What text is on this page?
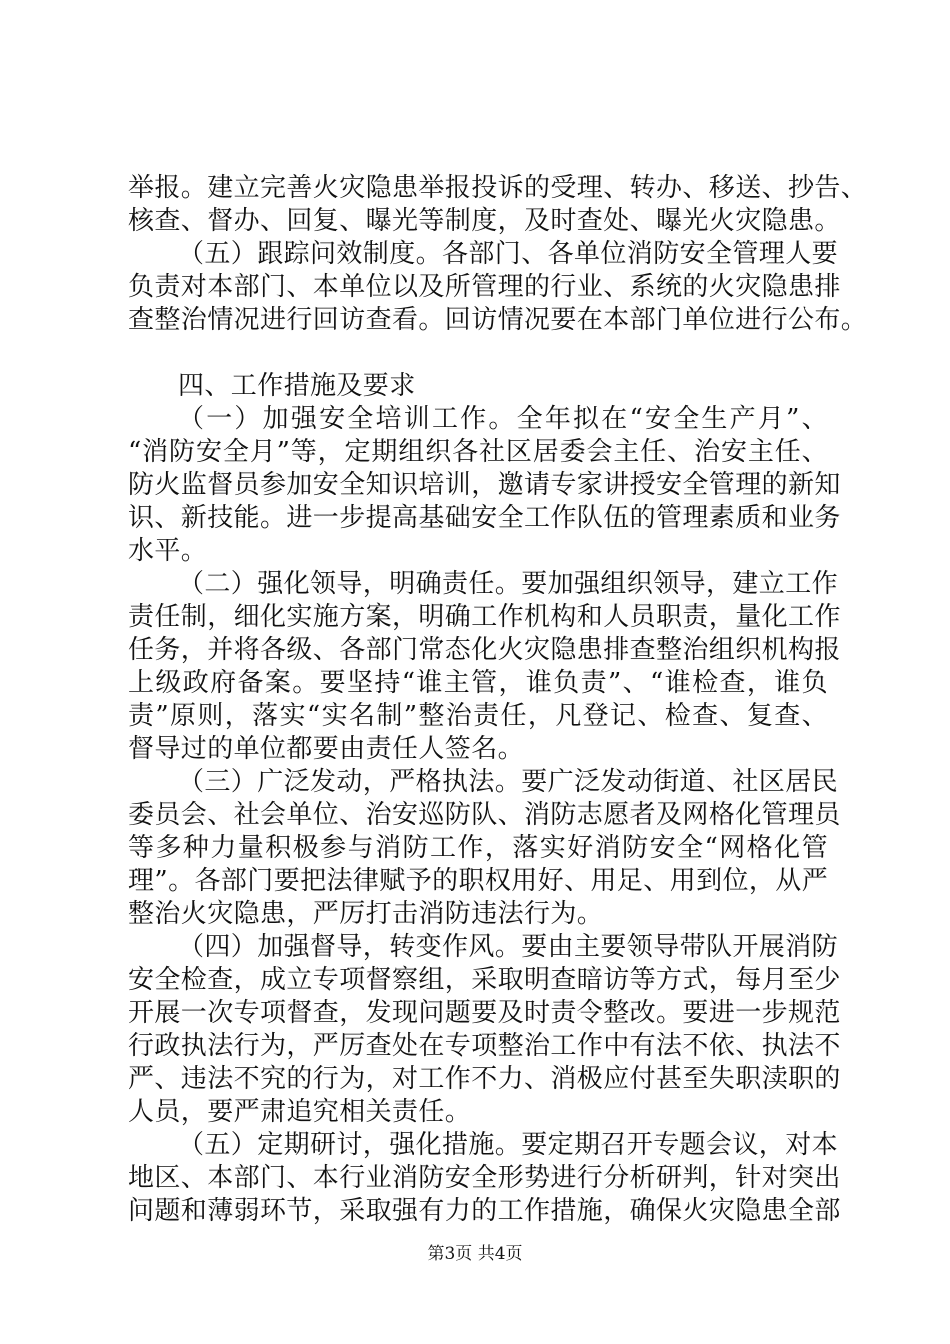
举报。建立完善火灾隐患举报投诉的受理、转办、移送、抄告、
核查、督办、回复、曝光等制度，及时查处、曝光火灾隐患。
（五）跟踪问效制度。各部门、各单位消防安全管理人要
负责对本部门、本单位以及所管理的行业、系统的火灾隐患排
查整治情况进行回访查看。回访情况要在本部门单位进行公布。
四、工作措施及要求
（一）加强安全培训工作。全年拟在“安全生产月”、
“消防安全月”等，定期组织各社区居委会主任、治安主任、
防火监督员参加安全知识培训，邀请专家讲授安全管理的新知
识、新技能。进一步提高基础安全工作队伍的管理素质和业务
水平。
（二）强化领导，明确责任。要加强组织领导，建立工作
责任制，细化实施方案，明确工作机构和人员职责，量化工作
任务，并将各级、各部门常态化火灾隐患排查整治组织机构报
上级政府备案。要坚持“谁主管，谁负责”、“谁检查，谁负
责”原则，落实“实名制”整治责任，凡登记、检查、复查、
督导过的单位都要由责任人签名。
（三）广泛发动，严格执法。要广泛发动街道、社区居民
委员会、社会单位、治安巡防队、消防志愿者及网格化管理员
等多种力量积极参与消防工作，落实好消防安全“网格化管
理”。各部门要把法律赋予的职权用好、用足、用到位，从严
整治火灾隐患，严厉打击消防违法行为。
（四）加强督导，转变作风。要由主要领导带队开展消防
安全检查，成立专项督察组，采取明查暗访等方式，每月至少
开展一次专项督查，发现问题要及时责令整改。要进一步规范
行政执法行为，严厉查处在专项整治工作中有法不依、执法不
严、违法不究的行为，对工作不力、消极应付甚至失职渎职的
人员，要严肃追究相关责任。
（五）定期研讨，强化措施。要定期召开专题会议，对本
地区、本部门、本行业消防安全形势进行分析研判，针对突出
问题和薄弱环节，采取强有力的工作措施，确保火灾隐患全部
第3页 共4页
